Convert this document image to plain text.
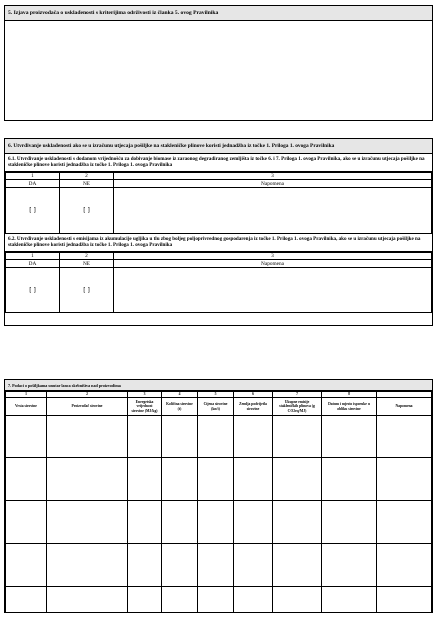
5. Izjava proizvođača o usklađenosti s kriterijima održivosti iz članka 5. ovog Pravilnika
6. Utvrđivanje usklađenosti ako se u izračunu utjecaja pošiljke na stakleničke plinove koristi jednadžba iz točke 1. Priloga 1. ovoga Pravilnika
6.1. Utvrđivanje usklađenosti s dodanom vrijednošću za dobivanje biomase iz zaraonog degradiranog zemljišta iz točke 6. i 7. Priloga 1. ovoga Pravilnika, ako se u izračunu utjecaja pošiljke na stakleničke plinove koristi jednadžba iz točke 1. Priloga 1. ovoga Pravilnika
1	2	3
DA	NE	Napomena
[ ]	[ ]	
6.2. Utvrđivanje usklađenosti s emisijama iz akumulacije ugljika u tlu zbog boljeg poljoprivrednog gospodarenja iz točke 1. Priloga 1. ovoga Pravilnika, ako se u izračunu utjecaja pošiljke na stakleničke plinove koristi jednadžba iz točke 1. Priloga 1. ovoga Pravilnika
1	2	3
DA	NE	Napomena
[ ]	[ ]	
7. Podaci o pošiljkama unutar lanca skrbništva nad proizvodima
1	2	3	4	5	6	7	8	
Vrsta sirovine	Proizvođač sirovine	Energetska vrijednost sirovine (MJ/kg)	Količina sirovine (t)	Cijena sirovine (kn/t)	Zemlja podrijetla sirovine	Ukupne emisije stakleničkih plinova (g CO2eq/MJ)	Datum i mjesto isporuke u obliku sirovine	Napomena
